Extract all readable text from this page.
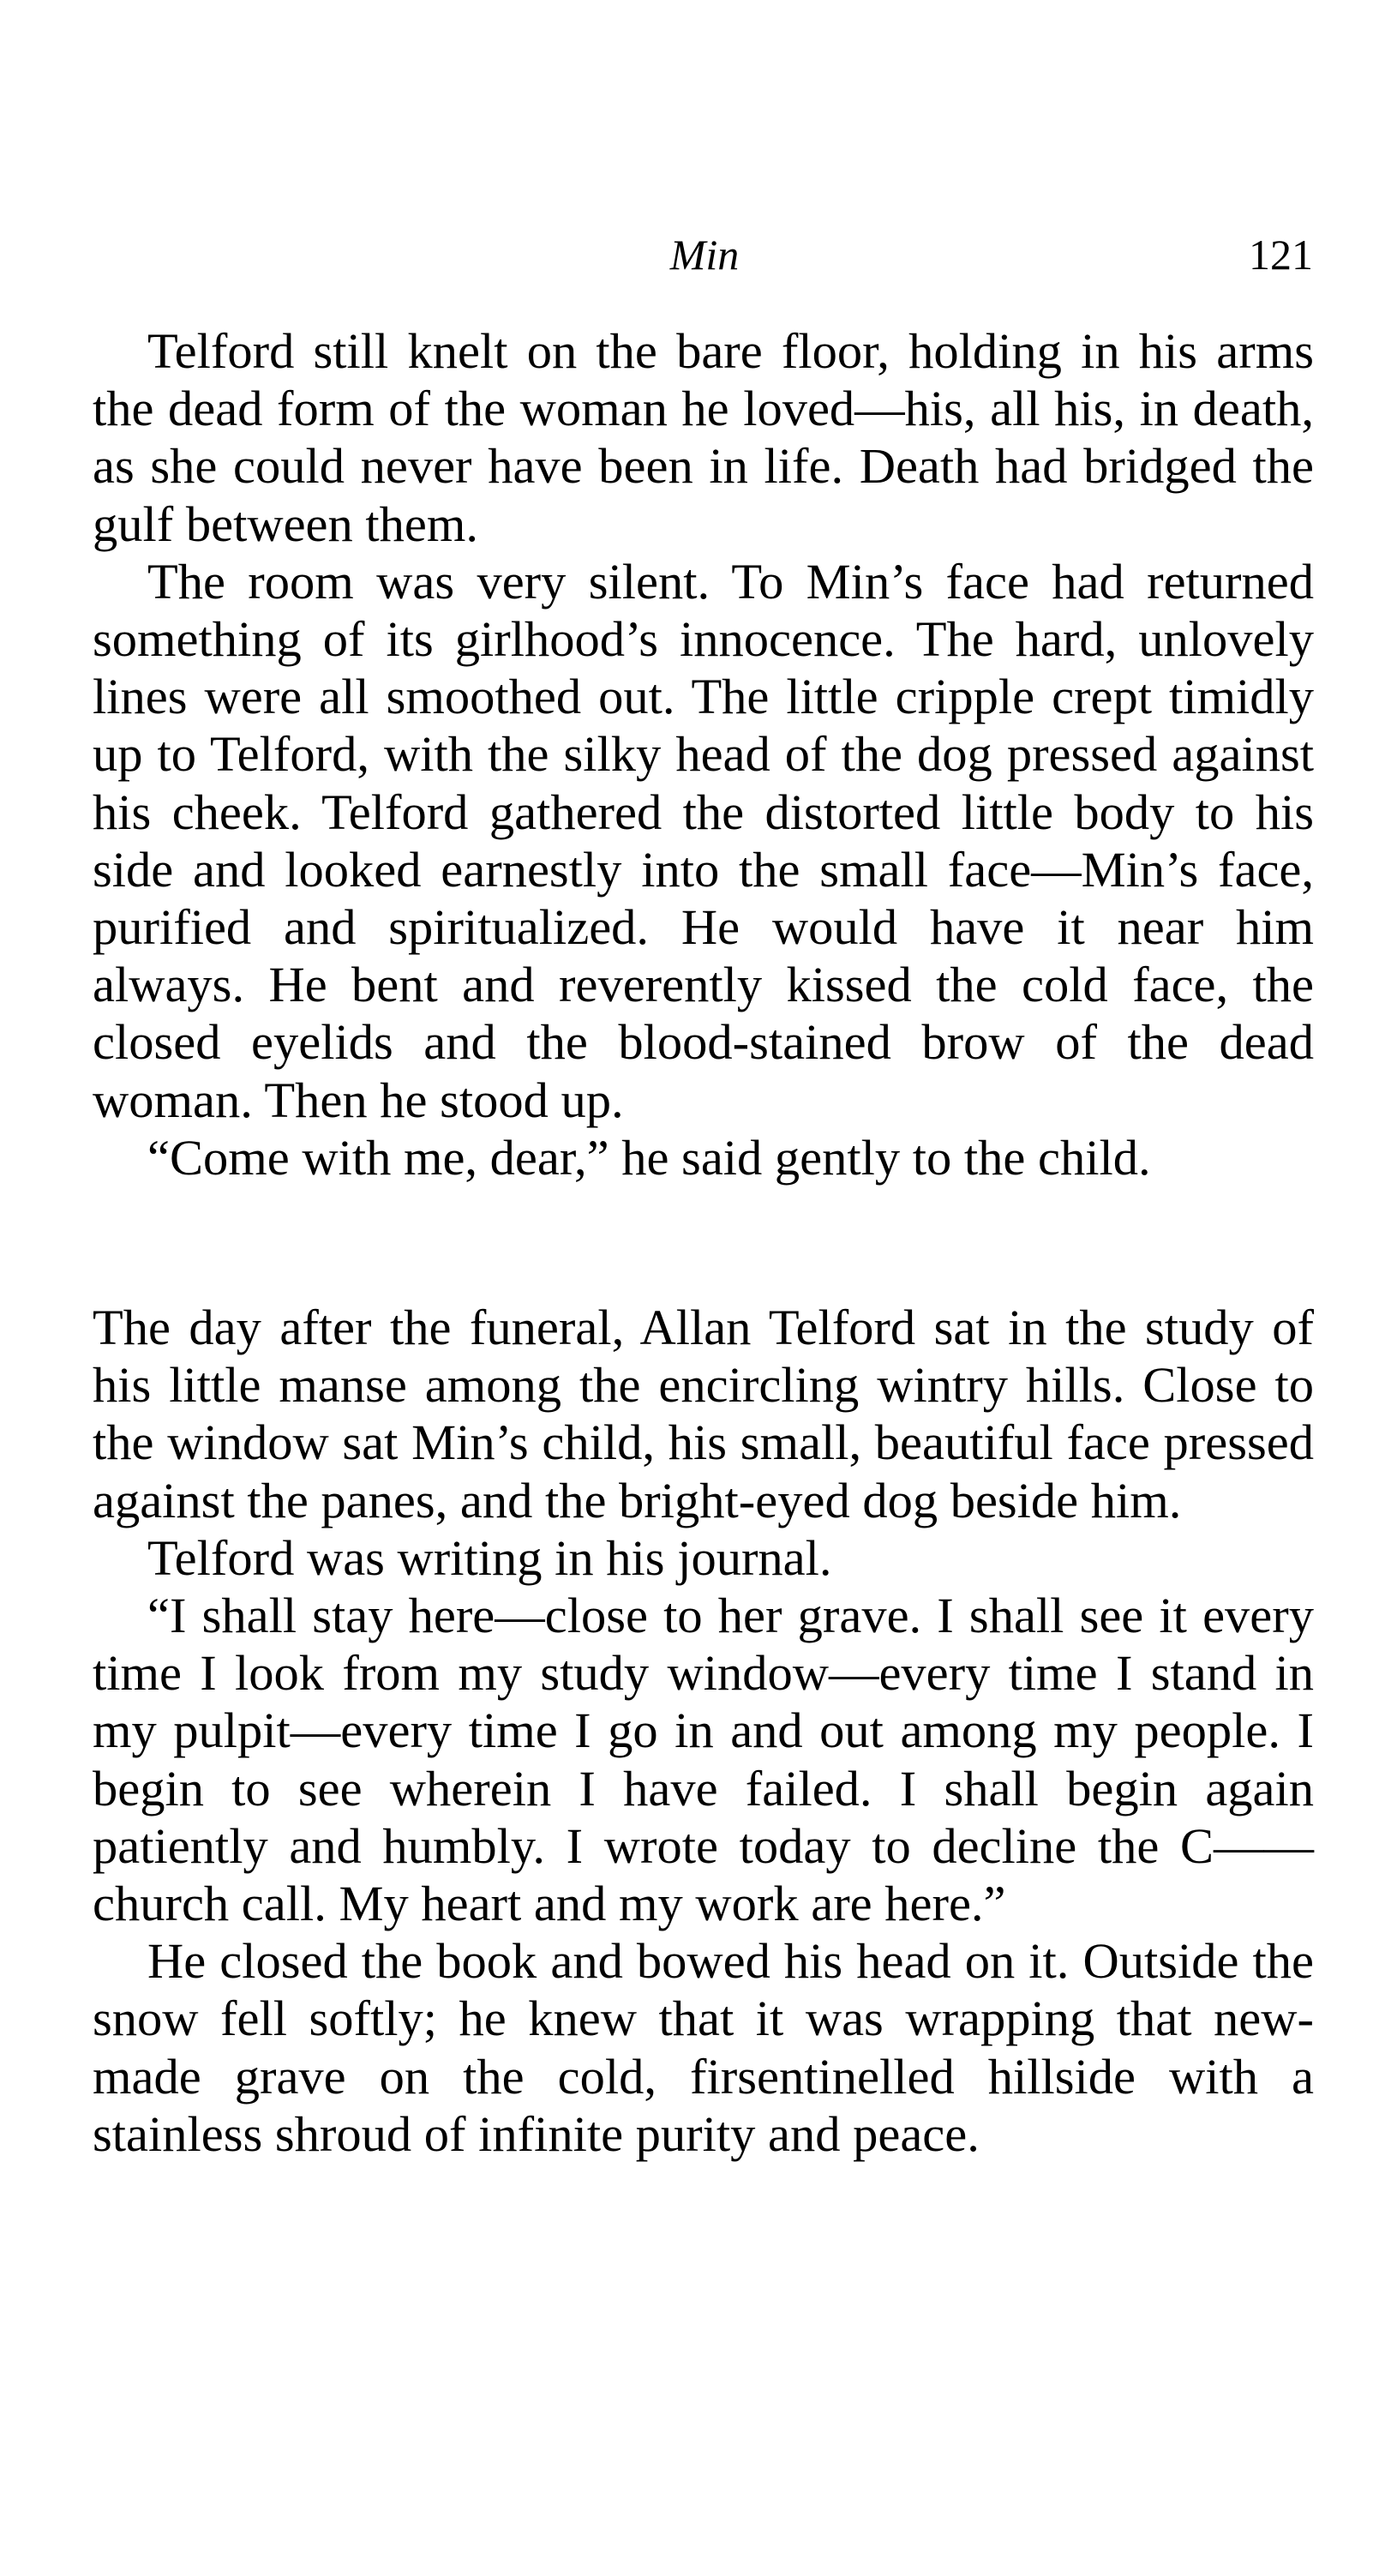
Min	121

Telford still knelt on the bare floor, holding in his arms the dead form of the woman he loved—his, all his, in death, as she could never have been in life. Death had bridged the gulf between them.

The room was very silent. To Min’s face had returned something of its girlhood’s innocence. The hard, unlovely lines were all smoothed out. The little cripple crept timidly up to Telford, with the silky head of the dog pressed against his cheek. Telford gathered the distorted little body to his side and looked earnestly into the small face—Min’s face, purified and spiritualized. He would have it near him always. He bent and reverently kissed the cold face, the closed eyelids and the blood-stained brow of the dead woman. Then he stood up.

“Come with me, dear,” he said gently to the child.

The day after the funeral, Allan Telford sat in the study of his little manse among the encircling wintry hills. Close to the window sat Min’s child, his small, beautiful face pressed against the panes, and the bright-eyed dog beside him.

Telford was writing in his journal.

“I shall stay here—close to her grave. I shall see it every time I look from my study window—every time I stand in my pulpit—every time I go in and out among my people. I begin to see wherein I have failed. I shall begin again patiently and humbly. I wrote today to decline the C—— church call. My heart and my work are here.”

He closed the book and bowed his head on it. Outside the snow fell softly; he knew that it was wrapping that new-made grave on the cold, firsentinelled hillside with a stainless shroud of infinite purity and peace.
